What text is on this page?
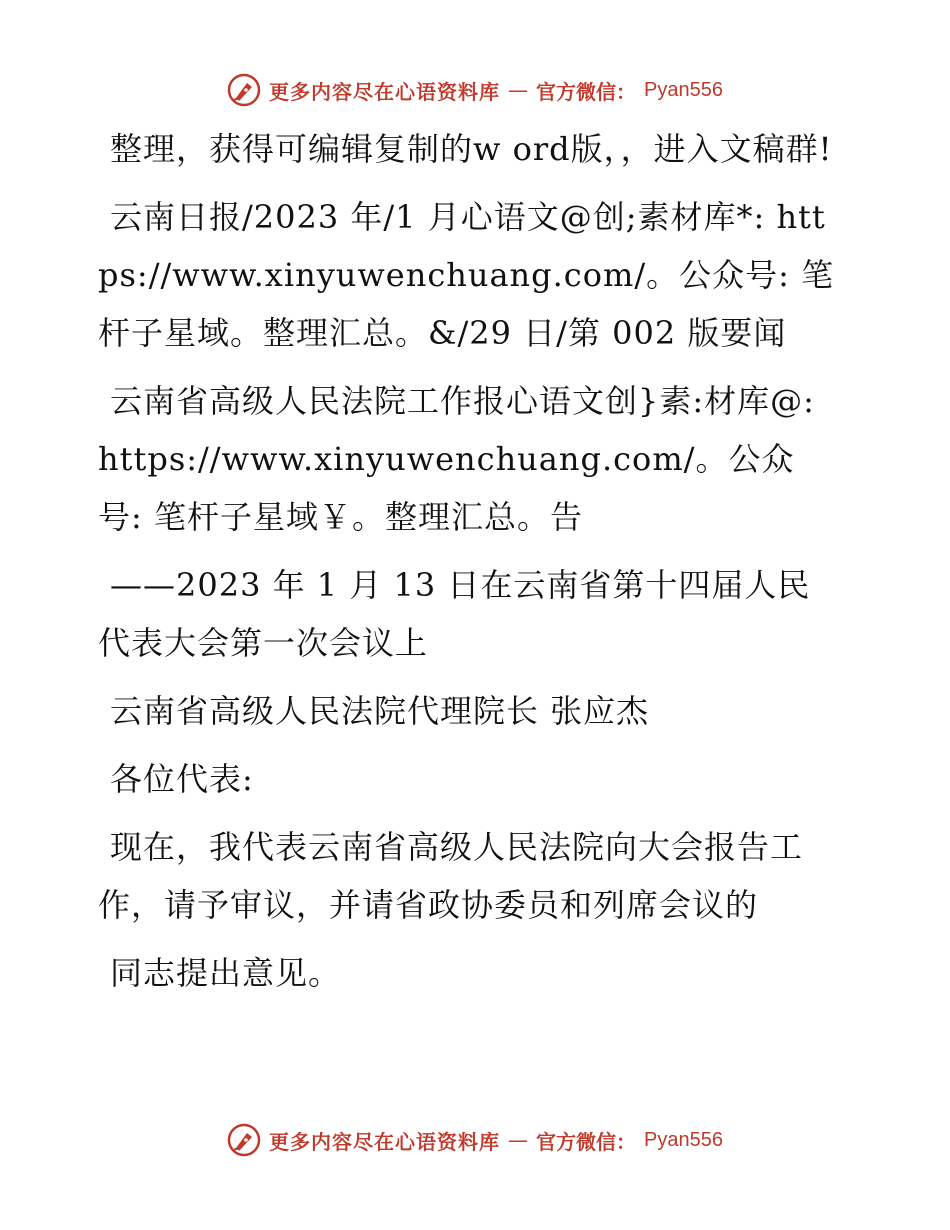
更多内容尽在心语资料库 — 官方微信： Pyan556

整理，获得可编辑复制的w ord版，，进入文稿群!

云南日报/2023 年/1 月心语文@创;素材库*: https://www.xinyuwenchuang.com/。公众号: 笔杆子星域。整理汇总。&/29 日/第 002 版要闻

云南省高级人民法院工作报心语文创}素:材库@: https://www.xinyuwenchuang.com/。公众号: 笔杆子星域￥。整理汇总。告

——2023 年 1 月 13 日在云南省第十四届人民代表大会第一次会议上

云南省高级人民法院代理院长 张应杰

各位代表:

现在，我代表云南省高级人民法院向大会报告工作，请予审议，并请省政协委员和列席会议的

同志提出意见。

更多内容尽在心语资料库 — 官方微信： Pyan556
